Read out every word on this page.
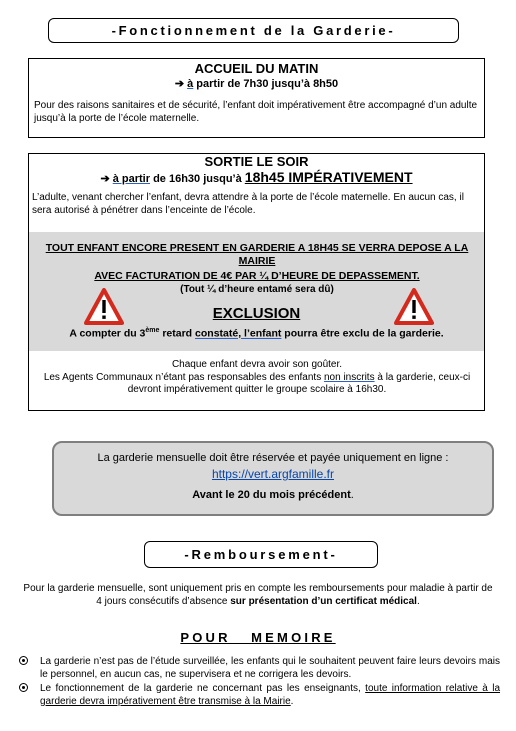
-Fonctionnement de la Garderie-
ACCUEIL DU MATIN
➔ à partir de 7h30 jusqu’à 8h50
Pour des raisons sanitaires et de sécurité, l’enfant doit impérativement être accompagné d’un adulte jusqu’à la porte de l’école maternelle.
SORTIE LE SOIR
➔ à partir de 16h30 jusqu’à 18h45 IMPÉRATIVEMENT
L’adulte, venant chercher l’enfant, devra attendre à la porte de l’école maternelle. En aucun cas, il sera autorisé à pénétrer dans l’enceinte de l’école.
TOUT ENFANT ENCORE PRESENT EN GARDERIE A 18H45 SE VERRA DEPOSE A LA MAIRIE
AVEC FACTURATION DE 4€ PAR ¼ D’HEURE DE DEPASSEMENT.
(Tout ¼ d’heure entamé sera dû)
EXCLUSION
A compter du 3ème retard constaté, l’enfant pourra être exclu de la garderie.
Chaque enfant devra avoir son goûter.
Les Agents Communaux n’étant pas responsables des enfants non inscrits à la garderie, ceux-ci devront impérativement quitter le groupe scolaire à 16h30.
La garderie mensuelle doit être réservée et payée uniquement en ligne :
https://vert.argfamille.fr
Avant le 20 du mois précédent.
-Remboursement-
Pour la garderie mensuelle, sont uniquement pris en compte les remboursements pour maladie à partir de 4 jours consécutifs d’absence sur présentation d’un certificat médical.
POUR   MEMOIRE
La garderie n’est pas de l’étude surveillée, les enfants qui le souhaitent peuvent faire leurs devoirs mais le personnel, en aucun cas, ne supervisera et ne corrigera les devoirs.
Le fonctionnement de la garderie ne concernant pas les enseignants, toute information relative à la garderie devra impérativement être transmise à la Mairie.
